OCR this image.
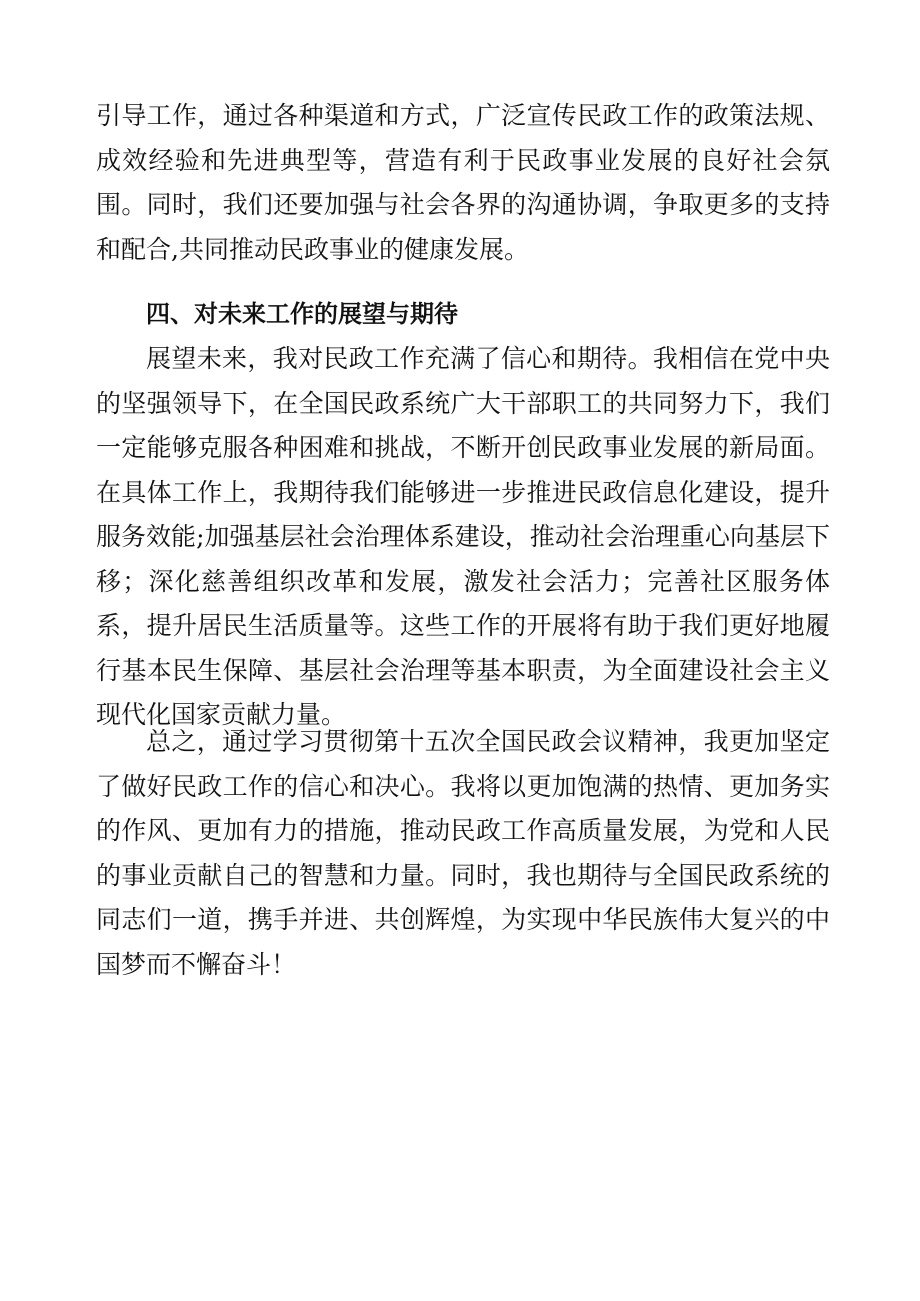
引导工作，通过各种渠道和方式，广泛宣传民政工作的政策法规、成效经验和先进典型等，营造有利于民政事业发展的良好社会氛围。同时，我们还要加强与社会各界的沟通协调，争取更多的支持和配合,共同推动民政事业的健康发展。

四、对未来工作的展望与期待

展望未来，我对民政工作充满了信心和期待。我相信在党中央的坚强领导下，在全国民政系统广大干部职工的共同努力下，我们一定能够克服各种困难和挑战，不断开创民政事业发展的新局面。在具体工作上，我期待我们能够进一步推进民政信息化建设，提升服务效能;加强基层社会治理体系建设，推动社会治理重心向基层下移；深化慈善组织改革和发展，激发社会活力；完善社区服务体系，提升居民生活质量等。这些工作的开展将有助于我们更好地履行基本民生保障、基层社会治理等基本职责，为全面建设社会主义现代化国家贡献力量。

总之，通过学习贯彻第十五次全国民政会议精神，我更加坚定了做好民政工作的信心和决心。我将以更加饱满的热情、更加务实的作风、更加有力的措施，推动民政工作高质量发展，为党和人民的事业贡献自己的智慧和力量。同时，我也期待与全国民政系统的同志们一道，携手并进、共创辉煌，为实现中华民族伟大复兴的中国梦而不懈奋斗！
